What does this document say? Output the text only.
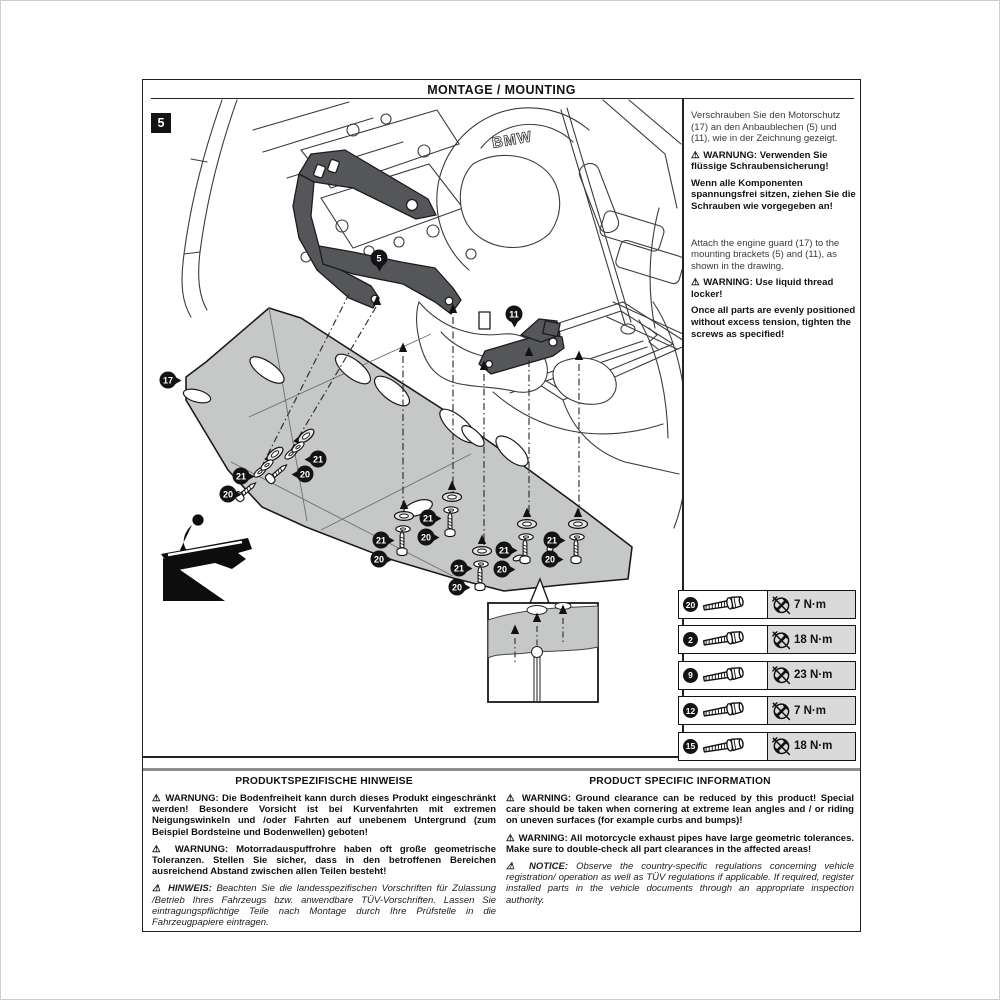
MONTAGE / MOUNTING
BMW
5
5
11
17
21
20
21
20
21
20
21
20
21
20
21
20
21
20

Verschrauben Sie den Motorschutz (17) an den Anbaublechen (5) und (11), wie in der Zeichnung gezeigt.

⚠ WARNUNG: Verwenden Sie flüssige Schraubensicherung!

Wenn alle Komponenten spannungsfrei sitzen, ziehen Sie die Schrauben wie vorgegeben an!

Attach the engine guard (17) to the mounting brackets (5) and (11), as shown in the drawing.

⚠ WARNING: Use liquid thread locker!

Once all parts are evenly positioned without excess tension, tighten the screws as specified!

20	7 N·m
2	18 N·m
9	23 N·m
12	7 N·m
15	18 N·m
PRODUKTSPEZIFISCHE HINWEISE

⚠ WARNUNG: Die Bodenfreiheit kann durch dieses Produkt eingeschränkt werden! Besondere Vorsicht ist bei Kurvenfahrten mit extremen Neigungswinkeln und /oder Fahrten auf unebenem Untergrund (zum Beispiel Bordsteine und Bodenwellen) geboten!

⚠ WARNUNG: Motorradauspuffrohre haben oft große geometrische Toleranzen. Stellen Sie sicher, dass in den betroffenen Bereichen ausreichend Abstand zwischen allen Teilen besteht!

⚠ HINWEIS: Beachten Sie die landesspezifischen Vorschriften für Zulassung /Betrieb Ihres Fahrzeugs bzw. anwendbare TÜV-Vorschriften. Lassen Sie eintragungspflichtige Teile nach Montage durch Ihre Prüfstelle in die Fahrzeugpapiere eintragen.

PRODUCT SPECIFIC INFORMATION

⚠ WARNING: Ground clearance can be reduced by this product! Special care should be taken when cornering at extreme lean angles and / or riding on uneven surfaces (for example curbs and bumps)!

⚠ WARNING: All motorcycle exhaust pipes have large geometric tolerances. Make sure to double-check all part clearances in the affected areas!

⚠ NOTICE: Observe the country-specific regulations concerning vehicle registration/ operation as well as TÜV regulations if applicable. If required, register installed parts in the vehicle documents through an appropriate inspection authority.
